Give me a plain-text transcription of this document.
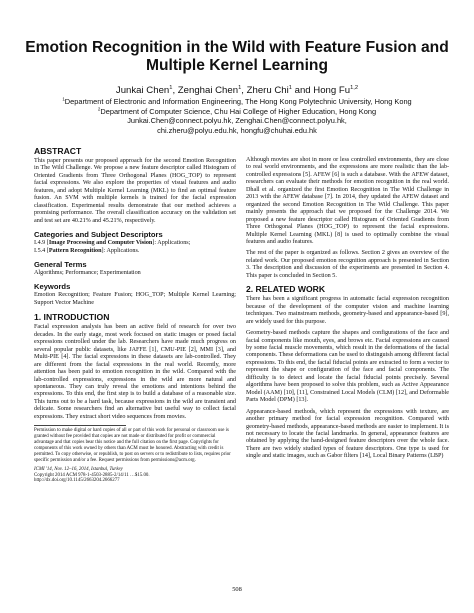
Emotion Recognition in the Wild with Feature Fusion and Multiple Kernel Learning
Junkai Chen$^1$, Zenghai Chen$^1$, Zheru Chi$^1$ and Hong Fu$^{1,2}$
$^1$Department of Electronic and Information Engineering, The Hong Kong Polytechnic University, Hong Kong
$^2$Department of Computer Science, Chu Hai College of Higher Education, Hong Kong
Junkai.Chen@connect.polyu.hk, Zenghai.Chen@connect.polyu.hk,
chi.zheru@polyu.edu.hk, hongfu@chuhai.edu.hk
ABSTRACT

This paper presents our proposed approach for the second Emotion Recognition in The Wild Challenge. We propose a new feature descriptor called Histogram of Oriented Gradients from Three Orthogonal Planes (HOG_TOP) to represent facial expressions. We also explore the properties of visual features and audio features, and adopt Multiple Kernel Learning (MKL) to find an optimal feature fusion. An SVM with multiple kernels is trained for the facial expression classification. Experimental results demonstrate that our method achieves a promising performance. The overall classification accuracy on the validation set and test set are 40.21% and 45.21%, respectively.

Categories and Subject Descriptors
I.4.9 [Image Processing and Computer Vision]: Applications;
I.5.4 [Pattern Recognition]: Applications.
General Terms
Algorithms; Performance; Experimentation
Keywords
Emotion Recognition; Feature Fusion; HOG_TOP; Multiple Kernel Learning; Support Vector Machine
1. INTRODUCTION

Facial expression analysis has been an active field of research for over two decades. In the early stage, most work focused on static images or posed facial expressions controlled under the lab. Researchers have made much progress on several popular public datasets, like JAFFE [1], CMU-PIE [2], MMI [3], and Multi-PIE [4]. The facial expressions in these datasets are lab-controlled. They are different from the facial expressions in the real world. Recently, more attention has been paid to emotion recognition in the wild. Compared with the lab-controlled expressions, expressions in the wild are more natural and spontaneous. They can truly reveal the emotions and intentions behind the expressions. To this end, the first step is to build a database of a reasonable size. This turns out to be a hard task, because expressions in the wild are transient and delicate. Some researchers find an alternative but useful way to collect facial expressions. They extract short video sequences from movies.

Permission to make digital or hard copies of all or part of this work for personal or classroom use is granted without fee provided that copies are not made or distributed for profit or commercial advantage and that copies bear this notice and the full citation on the first page. Copyrights for components of this work owned by others than ACM must be honored. Abstracting with credit is permitted. To copy otherwise, or republish, to post on servers or to redistribute to lists, requires prior specific permission and/or a fee. Request permissions from permissions@acm.org.
ICMI '14, Nov. 12–16, 2014, Istanbul, Turkey
Copyright 2014 ACM 978-1-4503-2885-2/14/11 …$15.00.
http://dx.doi.org/10.1145/2663204.2666277

Although movies are shot in more or less controlled environments, they are close to real world environments, and the expressions are more realistic than the lab-controlled expressions [5]. AFEW [6] is such a database. With the AFEW dataset, researchers can evaluate their methods for emotion recognition in the real world. Dhall et al. organized the first Emotion Recognition in The Wild Challenge in 2013 with the AFEW database [7]. In 2014, they updated the AFEW dataset and organized the second Emotion Recognition in The Wild Challenge. This paper mainly presents the approach that we proposed for the Challenge 2014. We proposed a new feature descriptor called Histogram of Oriented Gradients from Three Orthogonal Planes (HOG_TOP) to represent the facial expressions. Multiple Kernel Learning (MKL) [8] is used to optimally combine the visual features and audio features.

The rest of the paper is organized as follows. Section 2 gives an overview of the related work. Our proposed emotion recognition approach is presented in Section 3. The description and discussion of the experiments are presented in Section 4. This paper is concluded in Section 5.

2. RELATED WORK

There has been a significant progress in automatic facial expression recognition because of the development of the computer vision and machine learning techniques. Two mainstream methods, geometry-based and appearance-based [9], are widely used for this purpose.

Geometry-based methods capture the shapes and configurations of the face and facial components like mouth, eyes, and brows etc. Facial expressions are caused by some facial muscle movements, which result in the deformations of the facial components. These deformations can be used to distinguish among different facial expressions. To this end, the facial fiducial points are extracted to form a vector to represent the shape or configuration of the face and facial components. The difficulty is to detect and locate the facial fiducial points precisely. Several algorithms have been proposed to solve this problem, such as Active Appearance Model (AAM) [10], [11], Constrained Local Models (CLM) [12], and Deformable Parts Model (DPM) [13].

Appearance-based methods, which represent the expressions with texture, are another primary method for facial expression recognition. Compared with geometry-based methods, appearance-based methods are easier to implement. It is not necessary to locate the facial landmarks. In general, appearance features are obtained by applying the hand-designed feature descriptors over the whole face. There are two widely studied types of feature descriptors. One type is used for single and static images, such as Gabor filters [14], Local Binary Patterns (LBP)

508
